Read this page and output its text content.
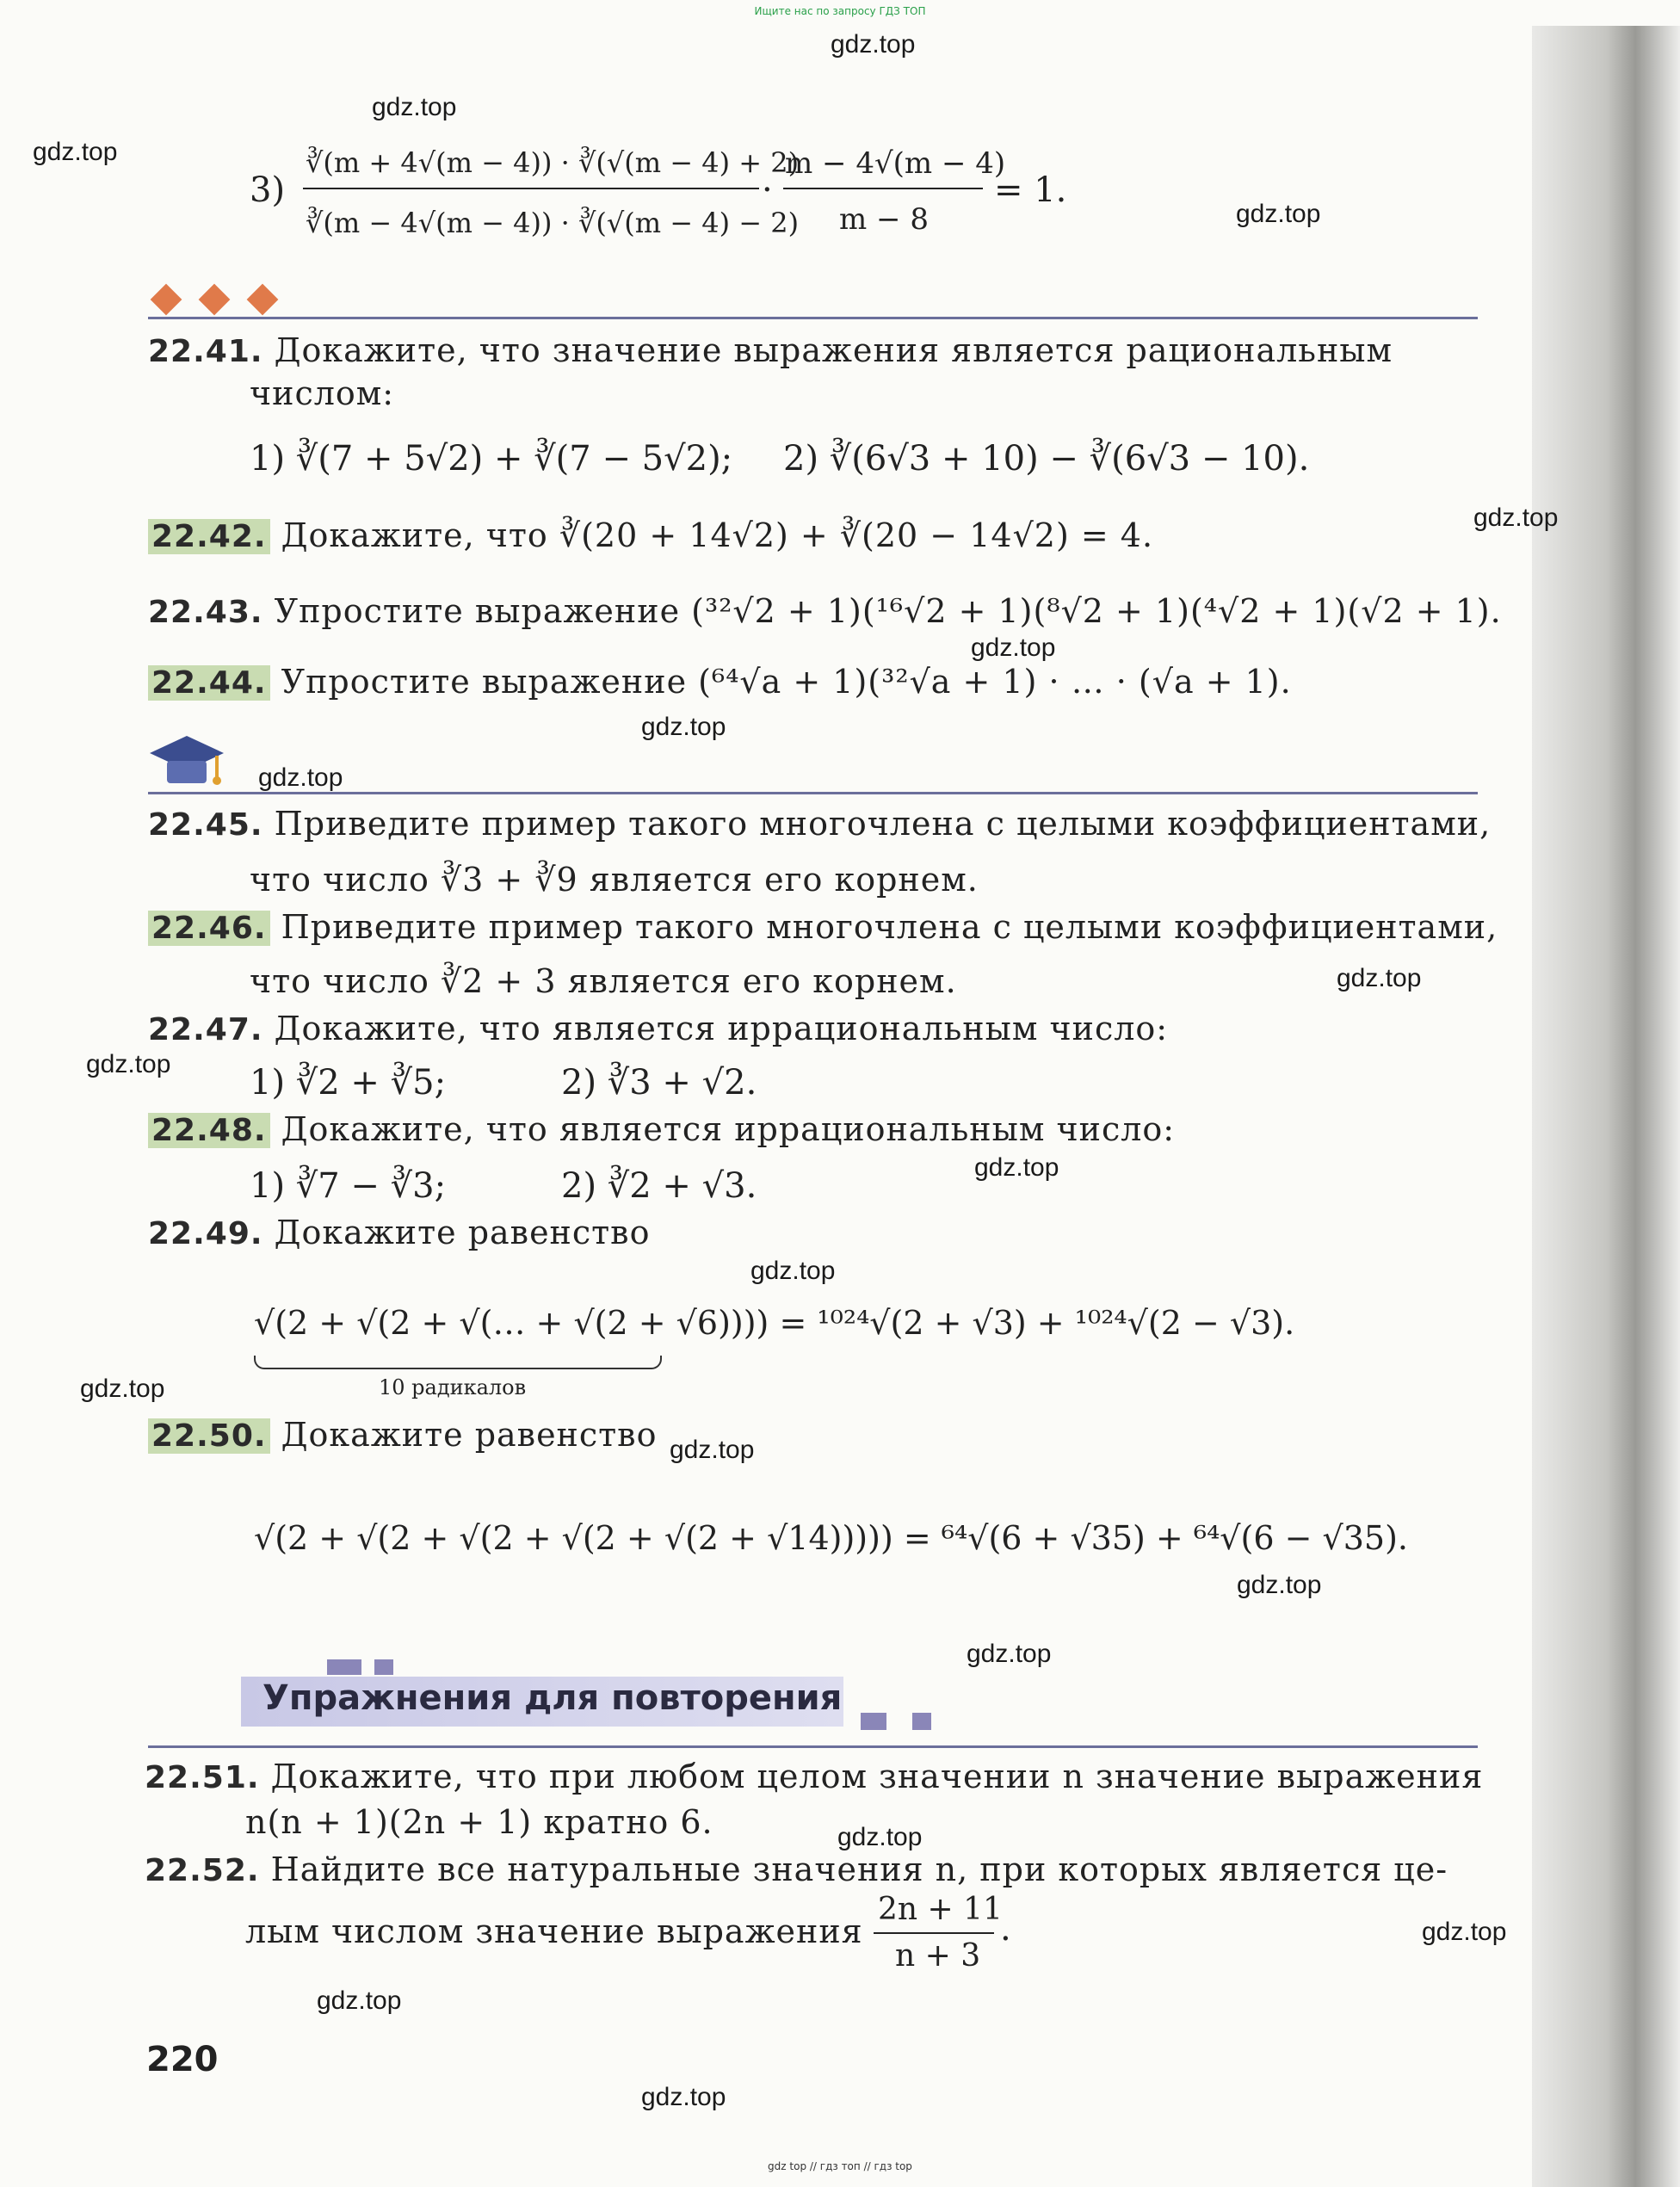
Ищите нас по запросу ГДЗ ТОП
gdz.top
gdz.top
gdz.top
gdz.top
gdz.top
gdz.top
gdz.top
gdz.top
gdz.top
gdz.top
gdz.top
gdz.top
gdz.top
gdz.top
gdz.top
gdz.top
gdz.top
gdz.top
gdz.top
gdz.top
3)
∛(m + 4√(m − 4)) · ∛(√(m − 4) + 2)
∛(m − 4√(m − 4)) · ∛(√(m − 4) − 2)
·
m − 4√(m − 4)
m − 8
= 1.
22.41. Докажите, что значение выражения является рациональным
числом:
1) ∛(7 + 5√2) + ∛(7 − 5√2); 2) ∛(6√3 + 10) − ∛(6√3 − 10).
22.42. Докажите, что ∛(20 + 14√2) + ∛(20 − 14√2) = 4.
22.43. Упростите выражение (³²√2 + 1)(¹⁶√2 + 1)(⁸√2 + 1)(⁴√2 + 1)(√2 + 1).
22.44. Упростите выражение (⁶⁴√a + 1)(³²√a + 1) · … · (√a + 1).
22.45. Приведите пример такого многочлена с целыми коэффициентами,
что число ∛3 + ∛9 является его корнем.
22.46. Приведите пример такого многочлена с целыми коэффициентами,
что число ∛2 + 3 является его корнем.
22.47. Докажите, что является иррациональным число:
1) ∛2 + ∛5;	2) ∛3 + √2.
22.48. Докажите, что является иррациональным число:
1) ∛7 − ∛3;	2) ∛2 + √3.
22.49. Докажите равенство
√(2 + √(2 + √(… + √(2 + √6)))) = ¹⁰²⁴√(2 + √3) + ¹⁰²⁴√(2 − √3).
10 радикалов
22.50. Докажите равенство
√(2 + √(2 + √(2 + √(2 + √(2 + √14))))) = ⁶⁴√(6 + √35) + ⁶⁴√(6 − √35).
Упражнения для повторения
22.51. Докажите, что при любом целом значении n значение выражения
n(n + 1)(2n + 1) кратно 6.
22.52. Найдите все натуральные значения n, при которых является це-
лым числом значение выражения
2n + 11
n + 3
.
220
gdz top // гдз топ // гдз top
